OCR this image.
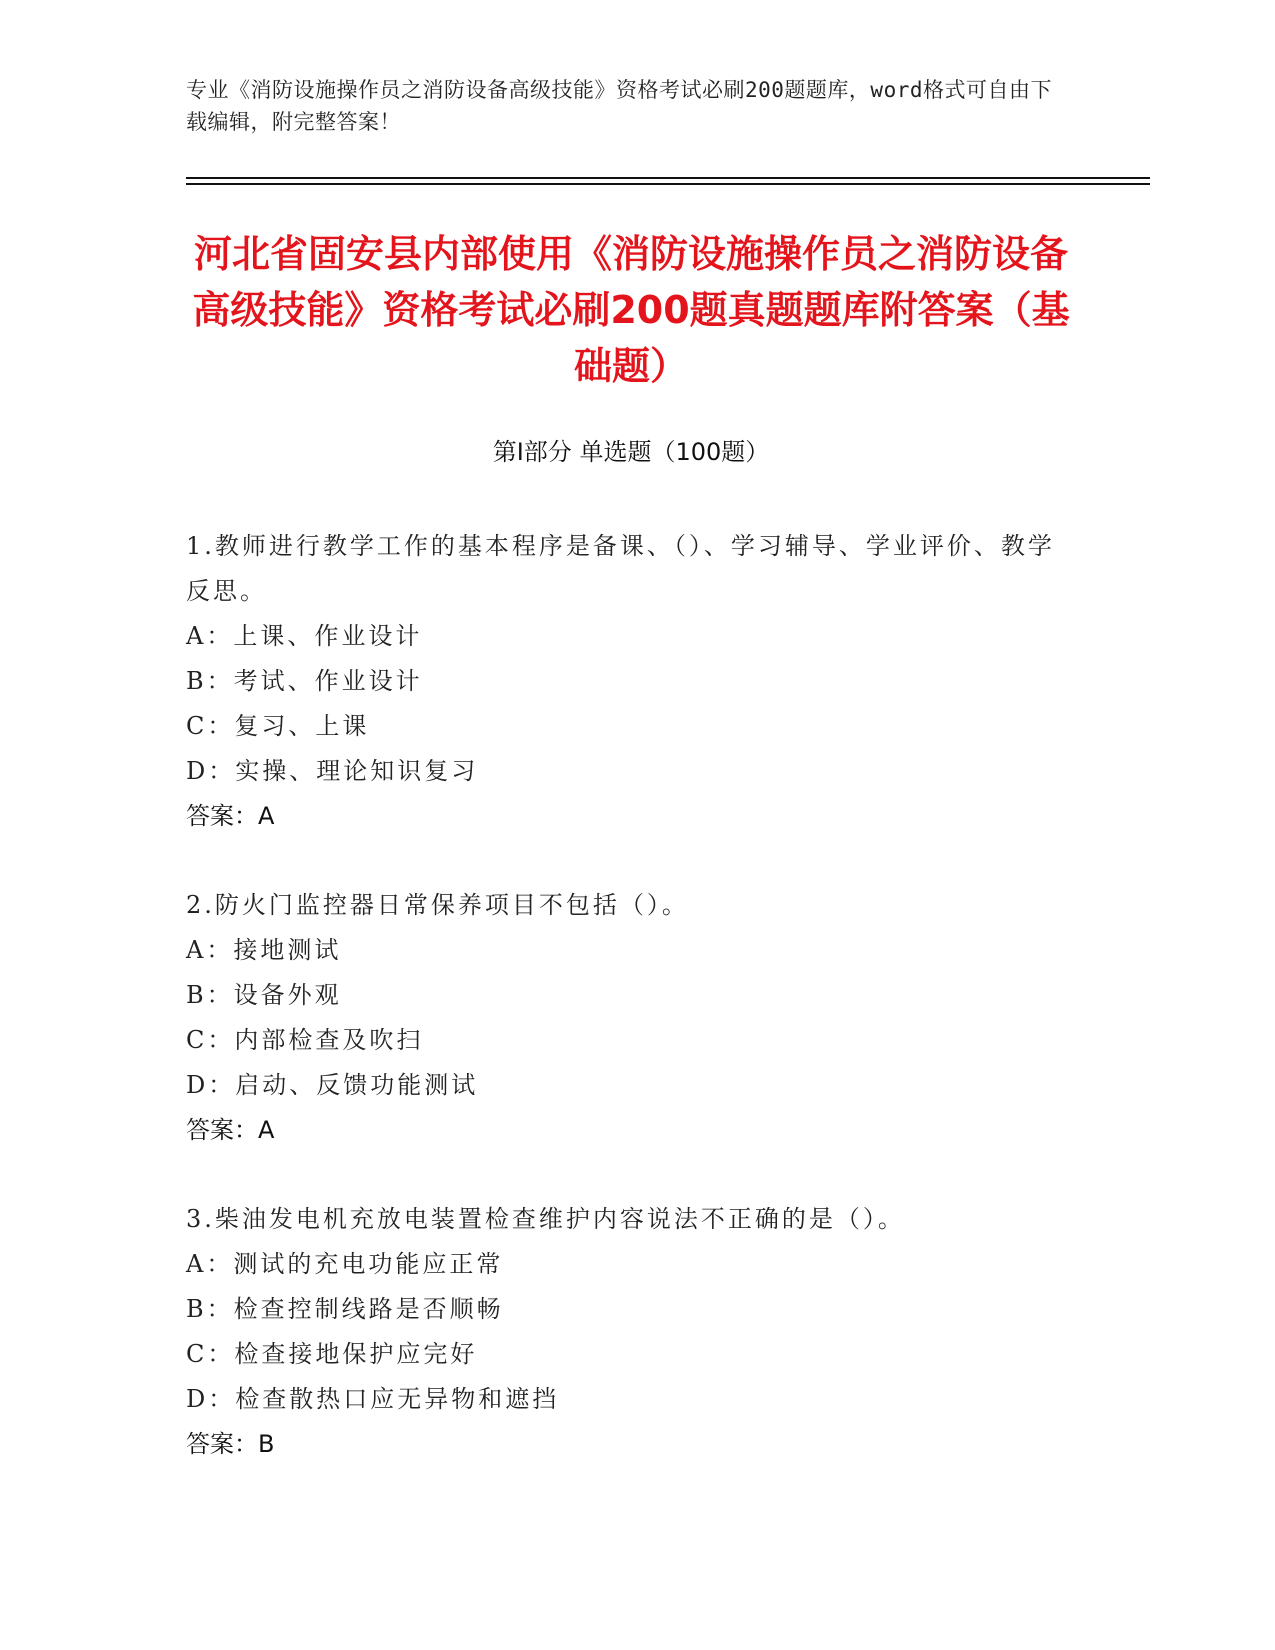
专业《消防设施操作员之消防设备高级技能》资格考试必刷200题题库，word格式可自由下载编辑，附完整答案！
河北省固安县内部使用《消防设施操作员之消防设备高级技能》资格考试必刷200题真题题库附答案（基础题）
第Ⅰ部分 单选题（100题）
1.教师进行教学工作的基本程序是备课、（）、学习辅导、学业评价、教学反思。
A：上课、作业设计
B：考试、作业设计
C：复习、上课
D：实操、理论知识复习
答案：A
2.防火门监控器日常保养项目不包括（）。
A：接地测试
B：设备外观
C：内部检查及吹扫
D：启动、反馈功能测试
答案：A
3.柴油发电机充放电装置检查维护内容说法不正确的是（）。
A：测试的充电功能应正常
B：检查控制线路是否顺畅
C：检查接地保护应完好
D：检查散热口应无异物和遮挡
答案：B
